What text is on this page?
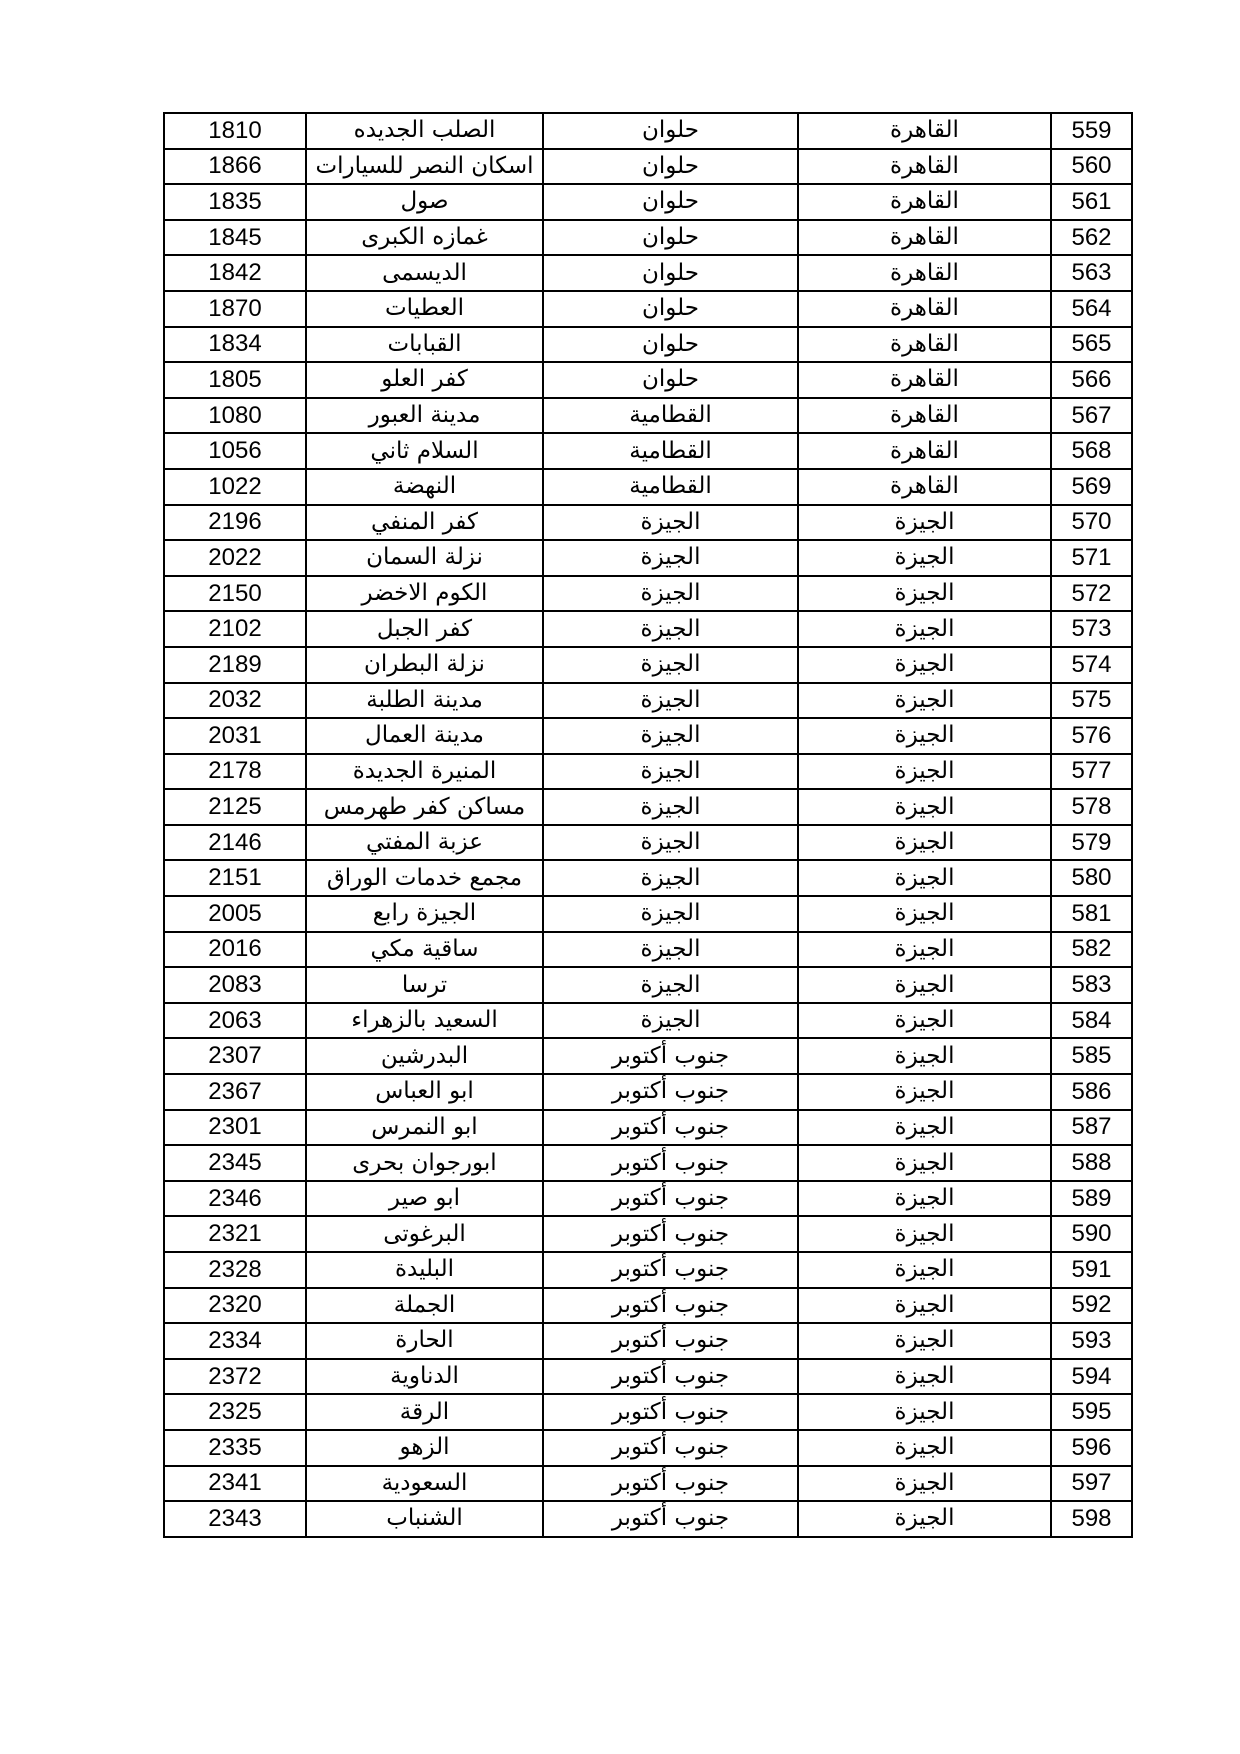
559	القاهرة	حلوان	الصلب الجديده	1810
560	القاهرة	حلوان	اسكان النصر للسيارات	1866
561	القاهرة	حلوان	صول	1835
562	القاهرة	حلوان	غمازه الكبرى	1845
563	القاهرة	حلوان	الديسمى	1842
564	القاهرة	حلوان	العطيات	1870
565	القاهرة	حلوان	القبابات	1834
566	القاهرة	حلوان	كفر العلو	1805
567	القاهرة	القطامية	مدينة العبور	1080
568	القاهرة	القطامية	السلام ثاني	1056
569	القاهرة	القطامية	النهضة	1022
570	الجيزة	الجيزة	كفر المنفي	2196
571	الجيزة	الجيزة	نزلة السمان	2022
572	الجيزة	الجيزة	الكوم الاخضر	2150
573	الجيزة	الجيزة	كفر الجبل	2102
574	الجيزة	الجيزة	نزلة البطران	2189
575	الجيزة	الجيزة	مدينة الطلبة	2032
576	الجيزة	الجيزة	مدينة العمال	2031
577	الجيزة	الجيزة	المنيرة الجديدة	2178
578	الجيزة	الجيزة	مساكن كفر طهرمس	2125
579	الجيزة	الجيزة	عزبة المفتي	2146
580	الجيزة	الجيزة	مجمع خدمات الوراق	2151
581	الجيزة	الجيزة	الجيزة رابع	2005
582	الجيزة	الجيزة	ساقية مكي	2016
583	الجيزة	الجيزة	ترسا	2083
584	الجيزة	الجيزة	السعيد بالزهراء	2063
585	الجيزة	جنوب أكتوبر	البدرشين	2307
586	الجيزة	جنوب أكتوبر	ابو العباس	2367
587	الجيزة	جنوب أكتوبر	ابو النمرس	2301
588	الجيزة	جنوب أكتوبر	ابورجوان بحرى	2345
589	الجيزة	جنوب أكتوبر	ابو صير	2346
590	الجيزة	جنوب أكتوبر	البرغوتى	2321
591	الجيزة	جنوب أكتوبر	البليدة	2328
592	الجيزة	جنوب أكتوبر	الجملة	2320
593	الجيزة	جنوب أكتوبر	الحارة	2334
594	الجيزة	جنوب أكتوبر	الدناوية	2372
595	الجيزة	جنوب أكتوبر	الرقة	2325
596	الجيزة	جنوب أكتوبر	الزهو	2335
597	الجيزة	جنوب أكتوبر	السعودية	2341
598	الجيزة	جنوب أكتوبر	الشنباب	2343
